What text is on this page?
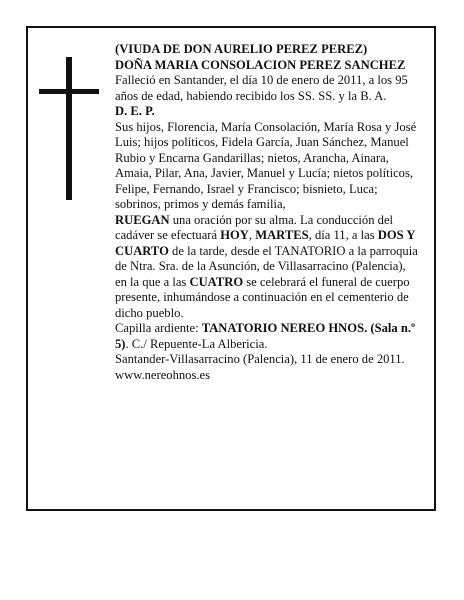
(VIUDA DE DON AURELIO PEREZ PEREZ)

DOÑA MARIA CONSOLACION PEREZ SANCHEZ

Falleció en Santander, el día 10 de enero de 2011, a los 95 años de edad, habiendo recibido los SS. SS. y la B. A.

D. E. P.

Sus hijos, Florencia, María Consolación, María Rosa y José Luis; hijos políticos, Fidela García, Juan Sánchez, Manuel Rubio y Encarna Gandarillas; nietos, Arancha, Ainara, Amaia, Pilar, Ana, Javier, Manuel y Lucía; nietos políticos, Felipe, Fernando, Israel y Francisco; bisnieto, Luca; sobrinos, primos y demás familia,

RUEGAN una oración por su alma. La conducción del cadáver se efectuará HOY, MARTES, día 11, a las DOS Y CUARTO de la tarde, desde el TANATORIO a la parroquia de Ntra. Sra. de la Asunción, de Villasarracino (Palencia), en la que a las CUATRO se celebrará el funeral de cuerpo presente, inhumándose a continuación en el cementerio de dicho pueblo.

Capilla ardiente: TANATORIO NEREO HNOS. (Sala n.º 5). C./ Repuente-La Albericia.

Santander-Villasarracino (Palencia), 11 de enero de 2011.

www.nereohnos.es
